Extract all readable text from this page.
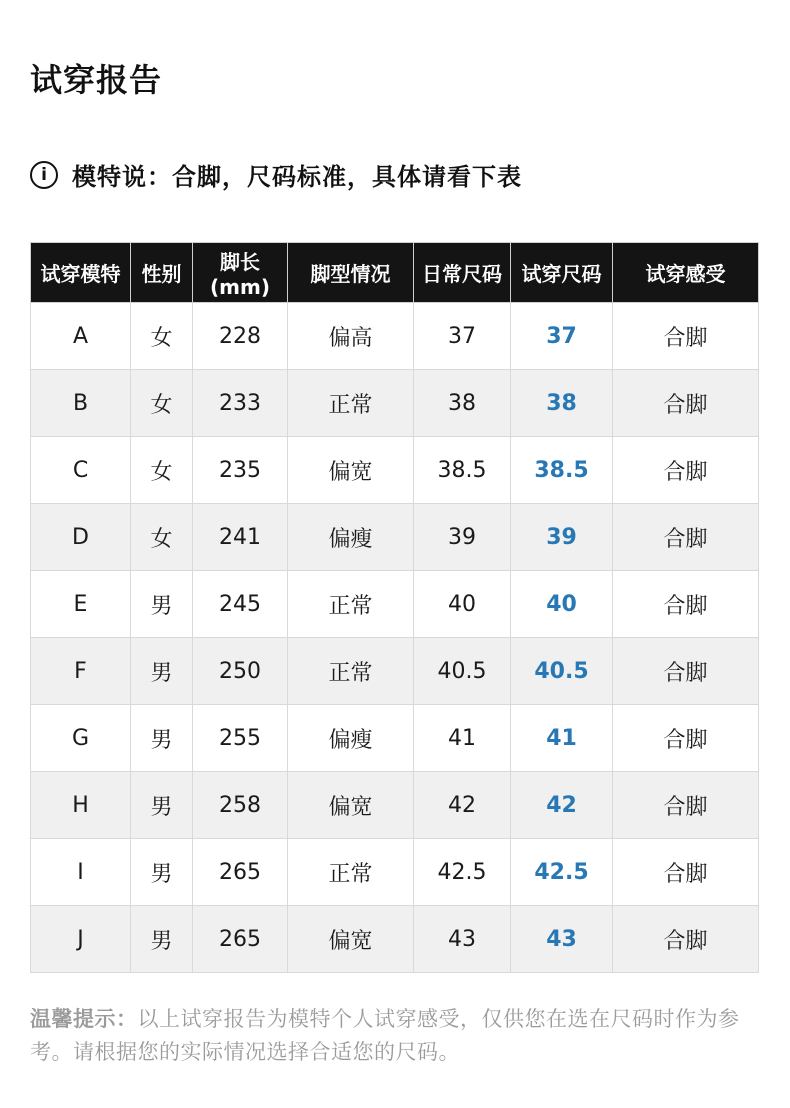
试穿报告
i	模特说：合脚，尺码标准，具体请看下表
试穿模特	性别	脚长(mm)	脚型情况	日常尺码	试穿尺码	试穿感受
A	女	228	偏高	37	37	合脚
B	女	233	正常	38	38	合脚
C	女	235	偏宽	38.5	38.5	合脚
D	女	241	偏瘦	39	39	合脚
E	男	245	正常	40	40	合脚
F	男	250	正常	40.5	40.5	合脚
G	男	255	偏瘦	41	41	合脚
H	男	258	偏宽	42	42	合脚
I	男	265	正常	42.5	42.5	合脚
J	男	265	偏宽	43	43	合脚

温馨提示：以上试穿报告为模特个人试穿感受，仅供您在选在尺码时作为参考。请根据您的实际情况选择合适您的尺码。
